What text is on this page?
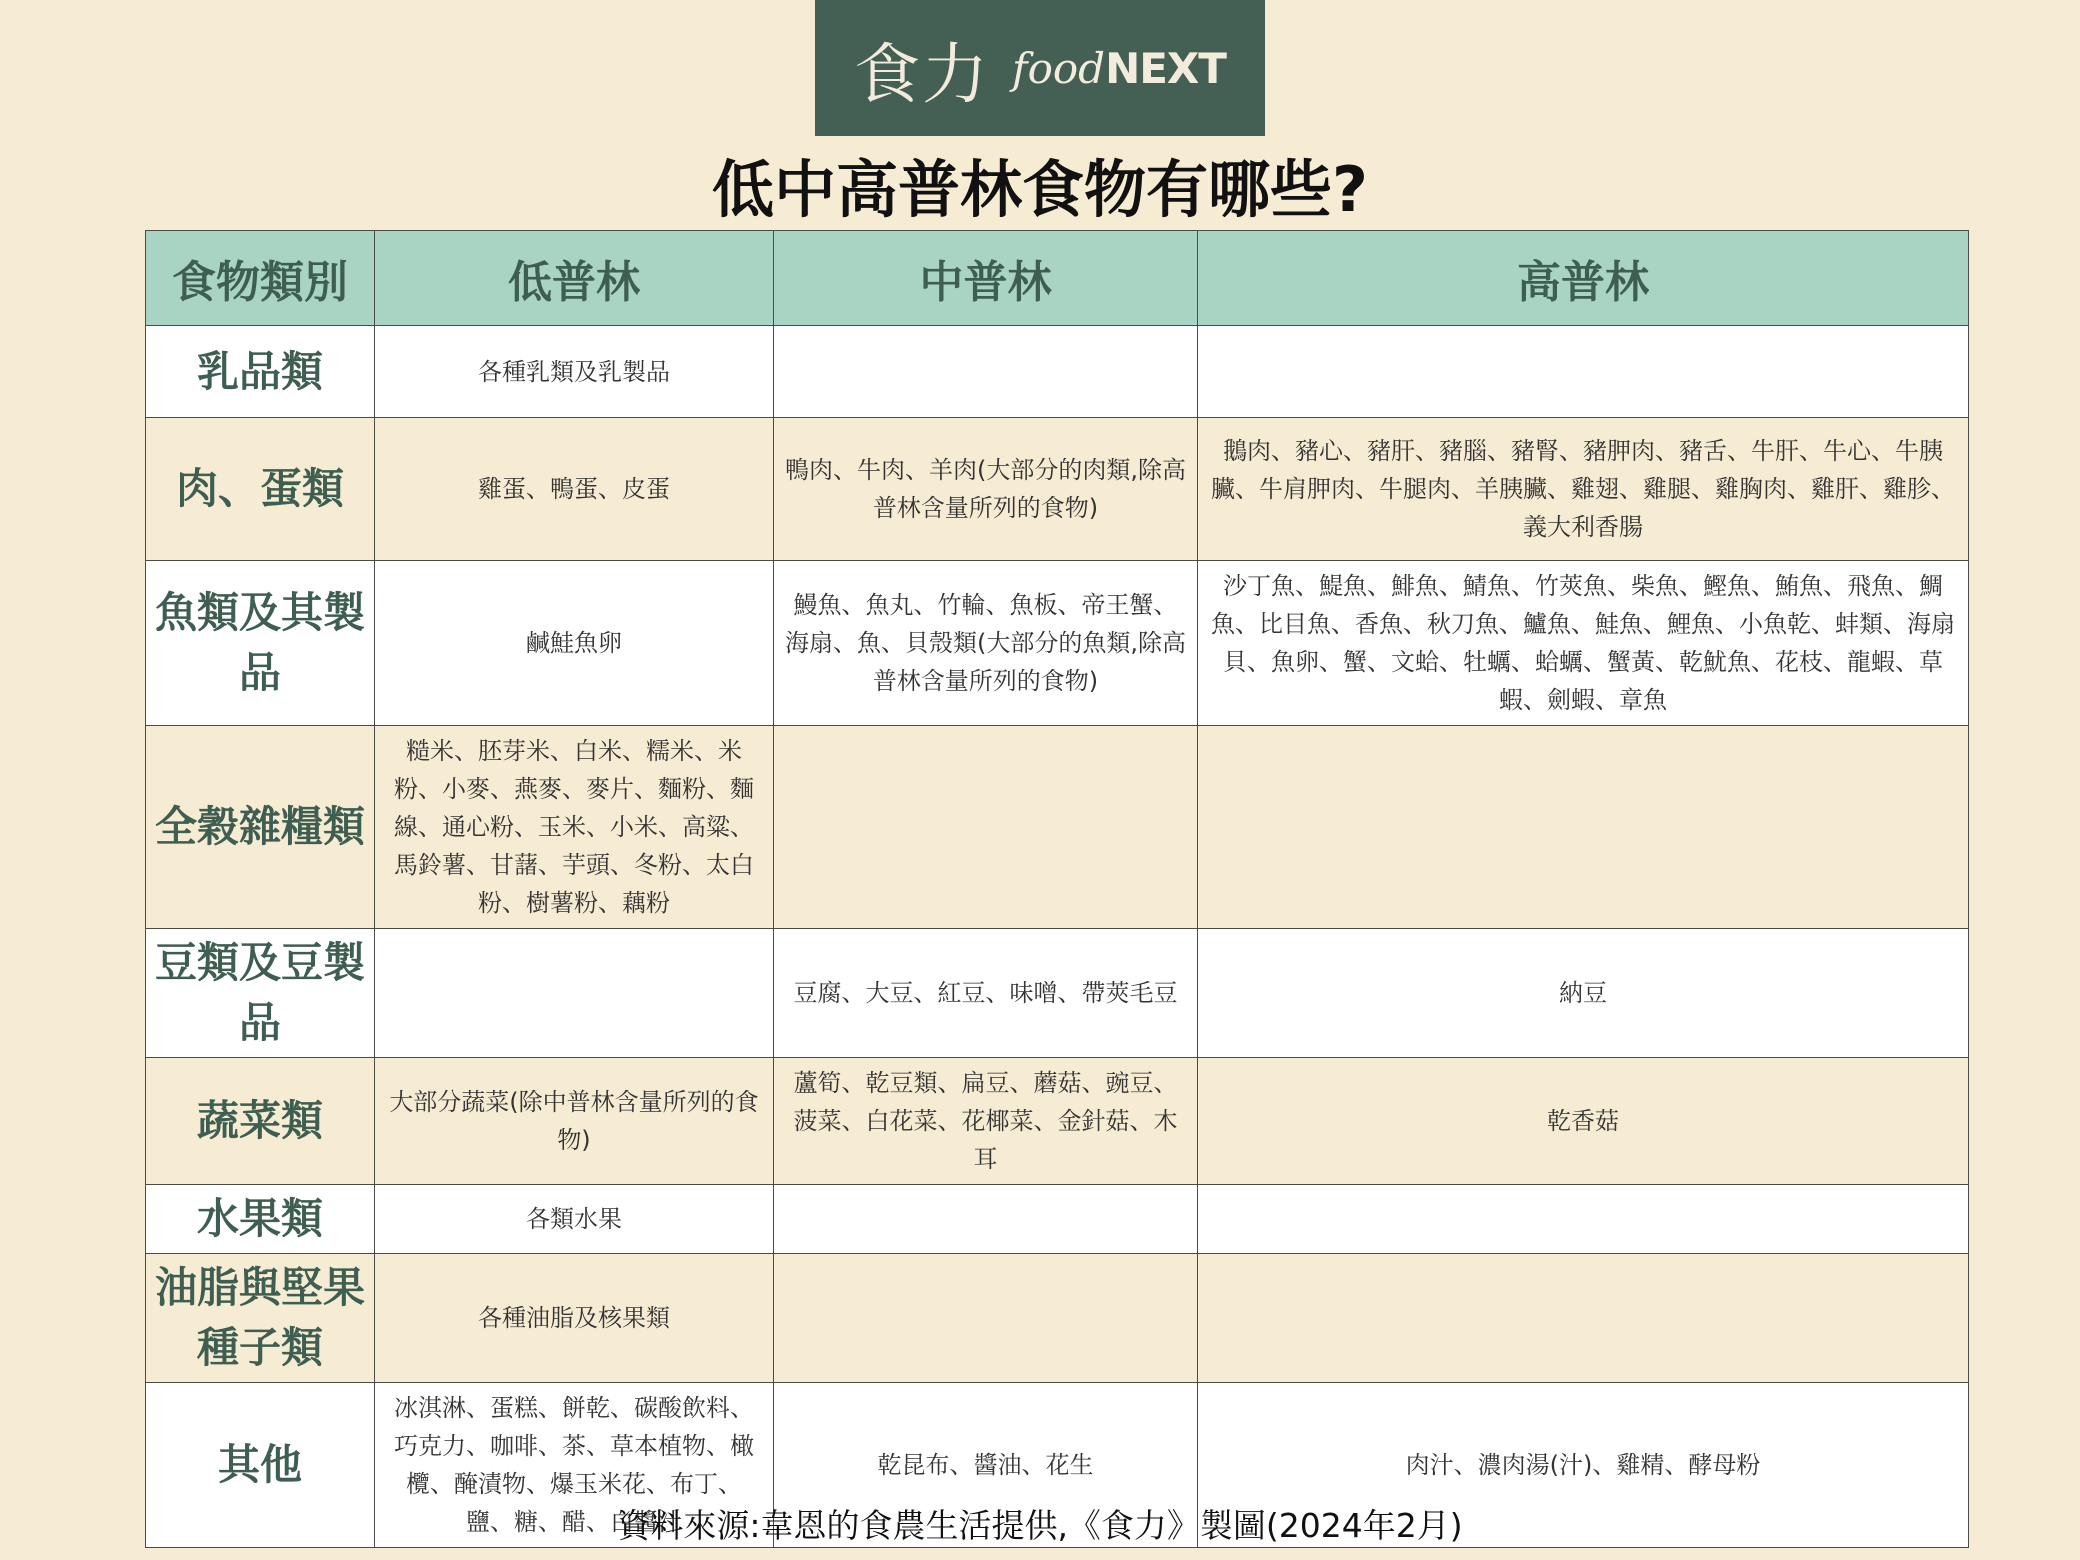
食力 foodNEXT
低中高普林食物有哪些?
食物類別	低普林	中普林	高普林
乳品類	各種乳類及乳製品		
肉、蛋類	雞蛋、鴨蛋、皮蛋	鴨肉、牛肉、羊肉(大部分的肉類,除高普林含量所列的食物)	鵝肉、豬心、豬肝、豬腦、豬腎、豬胛肉、豬舌、牛肝、牛心、牛胰臟、牛肩胛肉、牛腿肉、羊胰臟、雞翅、雞腿、雞胸肉、雞肝、雞胗、義大利香腸
魚類及其製品	鹹鮭魚卵	鰻魚、魚丸、竹輪、魚板、帝王蟹、海扇、魚、貝殼類(大部分的魚類,除高普林含量所列的食物)	沙丁魚、鯷魚、鯡魚、鯖魚、竹莢魚、柴魚、鰹魚、鮪魚、飛魚、鯛魚、比目魚、香魚、秋刀魚、鱸魚、鮭魚、鯉魚、小魚乾、蚌類、海扇貝、魚卵、蟹、文蛤、牡蠣、蛤蠣、蟹黃、乾魷魚、花枝、龍蝦、草蝦、劍蝦、章魚
全穀雜糧類	糙米、胚芽米、白米、糯米、米粉、小麥、燕麥、麥片、麵粉、麵線、通心粉、玉米、小米、高粱、馬鈴薯、甘藷、芋頭、冬粉、太白粉、樹薯粉、藕粉		
豆類及豆製品		豆腐、大豆、紅豆、味噌、帶莢毛豆	納豆
蔬菜類	大部分蔬菜(除中普林含量所列的食物)	蘆筍、乾豆類、扁豆、蘑菇、豌豆、菠菜、白花菜、花椰菜、金針菇、木耳	乾香菇
水果類	各類水果		
油脂與堅果種子類	各種油脂及核果類		
其他	冰淇淋、蛋糕、餅乾、碳酸飲料、巧克力、咖啡、茶、草本植物、橄欖、醃漬物、爆玉米花、布丁、鹽、糖、醋、白醬汁	乾昆布、醬油、花生	肉汁、濃肉湯(汁)、雞精、酵母粉
資料來源:韋恩的食農生活提供,《食力》製圖(2024年2月)
